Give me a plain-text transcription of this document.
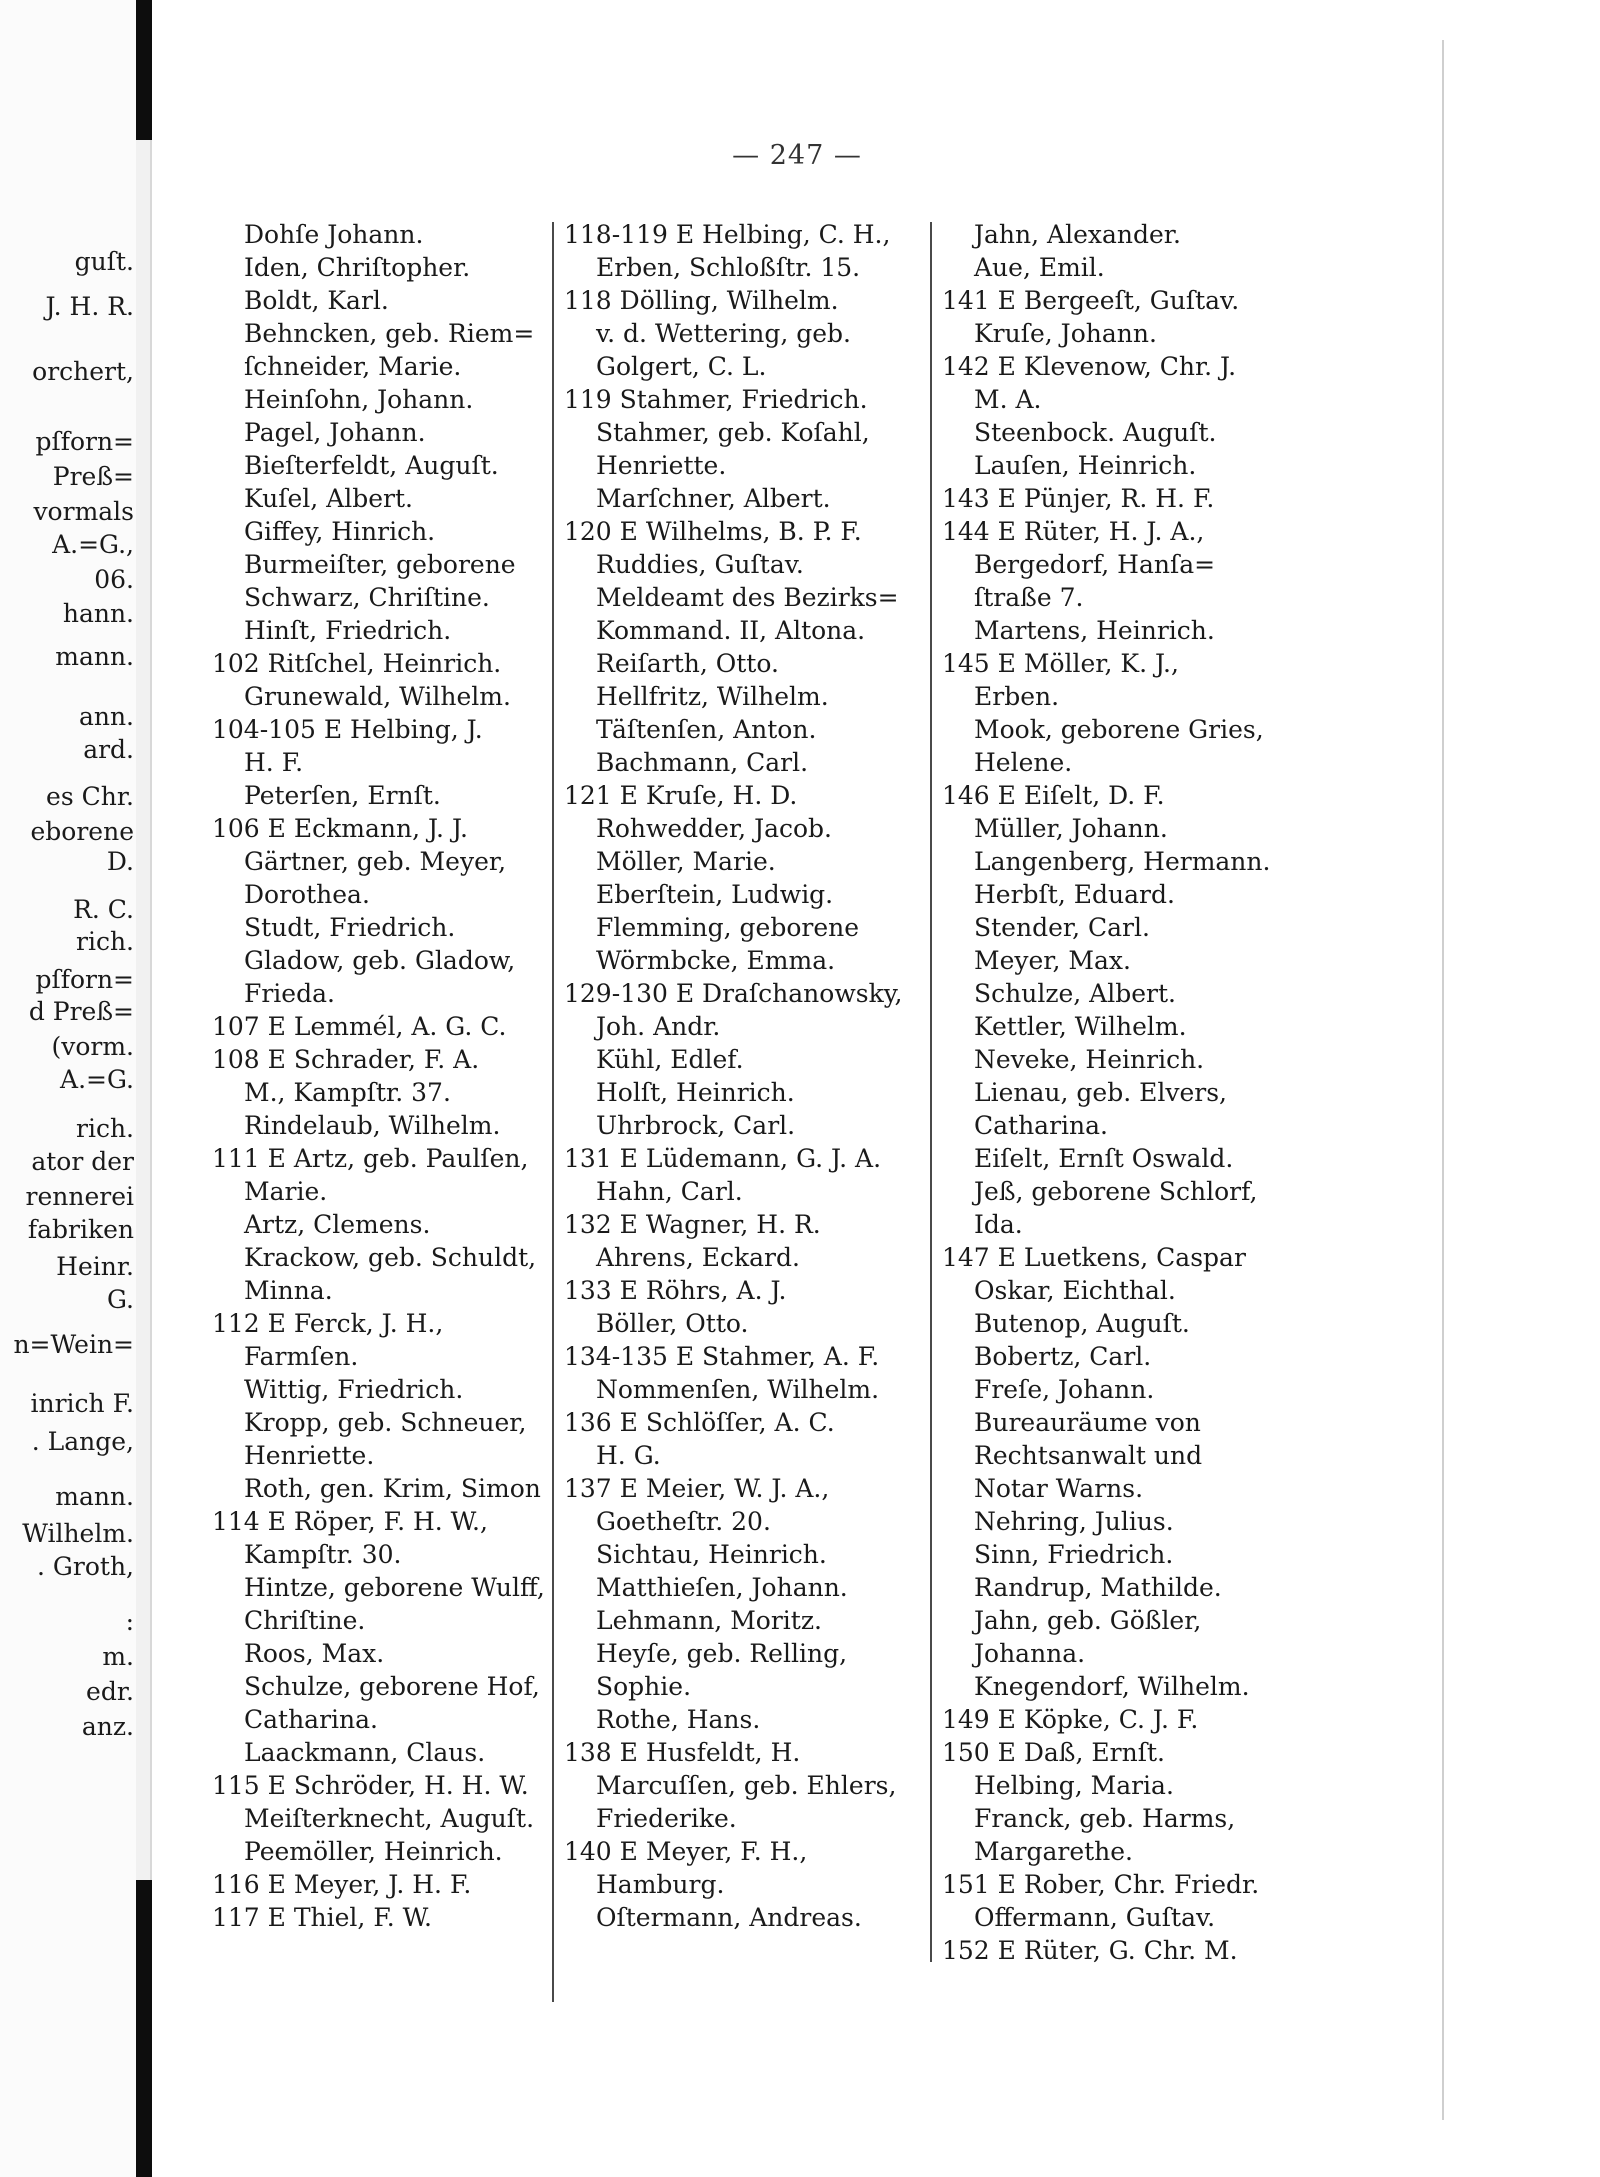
guſt.
J. H. R.
orchert,
pſforn=
Preß=
vormals
A.=G.,
06.
hann.
mann.
ann.
ard.
es Chr.
eborene
D.
R. C.
rich.
pſforn=
d Preß=
(vorm.
A.=G.
rich.
ator der
rennerei
fabriken
Heinr.
G.
n=Wein=
inrich F.
. Lange,
mann.
Wilhelm.
. Groth,
:
m.
edr.
anz.
— 247 —
Dohſe Johann.
Iden, Chriſtopher.
Boldt, Karl.
Behncken, geb. Riem=
ſchneider, Marie.
Heinſohn, Johann.
Pagel, Johann.
Bieſterfeldt, Auguſt.
Kuſel, Albert.
Giffey, Hinrich.
Burmeiſter, geborene
Schwarz, Chriſtine.
Hinſt, Friedrich.
102 Ritſchel, Heinrich.
Grunewald, Wilhelm.
104-105 E Helbing, J.
H. F.
Peterſen, Ernſt.
106 E Eckmann, J. J.
Gärtner, geb. Meyer,
Dorothea.
Studt, Friedrich.
Gladow, geb. Gladow,
Frieda.
107 E Lemmél, A. G. C.
108 E Schrader, F. A.
M., Kampſtr. 37.
Rindelaub, Wilhelm.
111 E Artz, geb. Paulſen,
Marie.
Artz, Clemens.
Krackow, geb. Schuldt,
Minna.
112 E Ferck, J. H.,
Farmſen.
Wittig, Friedrich.
Kropp, geb. Schneuer,
Henriette.
Roth, gen. Krim, Simon
114 E Röper, F. H. W.,
Kampſtr. 30.
Hintze, geborene Wulff,
Chriſtine.
Roos, Max.
Schulze, geborene Hof,
Catharina.
Laackmann, Claus.
115 E Schröder, H. H. W.
Meiſterknecht, Auguſt.
Peemöller, Heinrich.
116 E Meyer, J. H. F.
117 E Thiel, F. W.
118-119 E Helbing, C. H.,
Erben, Schloßſtr. 15.
118 Dölling, Wilhelm.
v. d. Wettering, geb.
Golgert, C. L.
119 Stahmer, Friedrich.
Stahmer, geb. Koſahl,
Henriette.
Marſchner, Albert.
120 E Wilhelms, B. P. F.
Ruddies, Guſtav.
Meldeamt des Bezirks=
Kommand. II, Altona.
Reiſarth, Otto.
Hellfritz, Wilhelm.
Täſtenſen, Anton.
Bachmann, Carl.
121 E Kruſe, H. D.
Rohwedder, Jacob.
Möller, Marie.
Eberſtein, Ludwig.
Flemming, geborene
Wörmbcke, Emma.
129-130 E Draſchanowsky,
Joh. Andr.
Kühl, Edlef.
Holſt, Heinrich.
Uhrbrock, Carl.
131 E Lüdemann, G. J. A.
Hahn, Carl.
132 E Wagner, H. R.
Ahrens, Eckard.
133 E Röhrs, A. J.
Böller, Otto.
134-135 E Stahmer, A. F.
Nommenſen, Wilhelm.
136 E Schlöſſer, A. C.
H. G.
137 E Meier, W. J. A.,
Goetheſtr. 20.
Sichtau, Heinrich.
Matthieſen, Johann.
Lehmann, Moritz.
Heyſe, geb. Relling,
Sophie.
Rothe, Hans.
138 E Husfeldt, H.
Marcuſſen, geb. Ehlers,
Friederike.
140 E Meyer, F. H.,
Hamburg.
Oſtermann, Andreas.
Jahn, Alexander.
Aue, Emil.
141 E Bergeeſt, Guſtav.
Kruſe, Johann.
142 E Klevenow, Chr. J.
M. A.
Steenbock. Auguſt.
Lauſen, Heinrich.
143 E Pünjer, R. H. F.
144 E Rüter, H. J. A.,
Bergedorf, Hanſa=
ſtraße 7.
Martens, Heinrich.
145 E Möller, K. J.,
Erben.
Mook, geborene Gries,
Helene.
146 E Eiſelt, D. F.
Müller, Johann.
Langenberg, Hermann.
Herbſt, Eduard.
Stender, Carl.
Meyer, Max.
Schulze, Albert.
Kettler, Wilhelm.
Neveke, Heinrich.
Lienau, geb. Elvers,
Catharina.
Eiſelt, Ernſt Oswald.
Jeß, geborene Schlorf,
Ida.
147 E Luetkens, Caspar
Oskar, Eichthal.
Butenop, Auguſt.
Bobertz, Carl.
Freſe, Johann.
Bureauräume von
Rechtsanwalt und
Notar Warns.
Nehring, Julius.
Sinn, Friedrich.
Randrup, Mathilde.
Jahn, geb. Gößler,
Johanna.
Knegendorf, Wilhelm.
149 E Köpke, C. J. F.
150 E Daß, Ernſt.
Helbing, Maria.
Franck, geb. Harms,
Margarethe.
151 E Rober, Chr. Friedr.
Offermann, Guſtav.
152 E Rüter, G. Chr. M.
